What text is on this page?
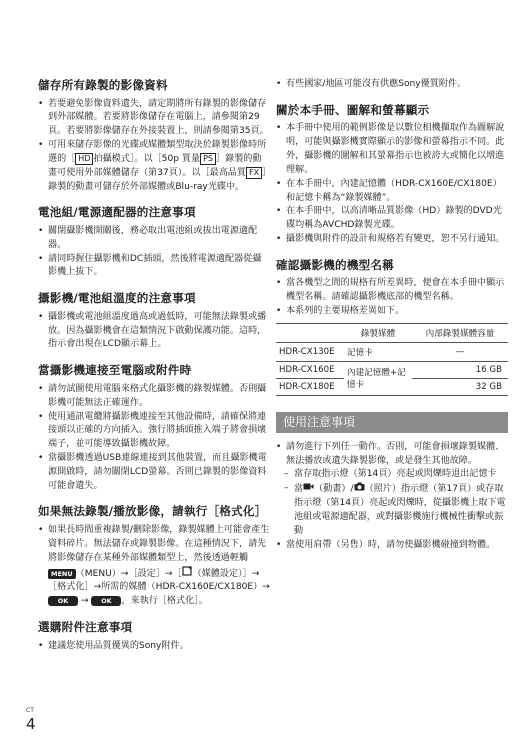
儲存所有錄製的影像資料
• 若要避免影像資料遺失，請定期將所有錄製的影像儲存到外部媒體。若要將影像儲存在電腦上，請參閱第29頁。若要將影像儲存在外接裝置上，則請參閱第35頁。
• 可用來儲存影像的光碟或媒體類型取決於錄製影像時所選的［ HD 拍攝模式］。以［50p 質量 PS ］錄製的動畫可使用外部媒體儲存（第37頁）。以［最高品質 FX ］錄製的動畫可儲存於外部媒體或Blu-ray光碟中。
電池組/電源適配器的注意事項
• 關閉攝影機開關後，務必取出電池組或拔出電源適配器。
• 請同時握住攝影機和DC插頭，然後將電源適配器從攝影機上拔下。
攝影機/電池組溫度的注意事項
• 攝影機或電池組溫度過高或過低時，可能無法錄製或播放。因為攝影機會在這類情況下啟動保護功能。這時，指示會出現在LCD顯示幕上。
當攝影機連接至電腦或附件時
• 請勿試圖使用電腦來格式化攝影機的錄製媒體。否則攝影機可能無法正確運作。
• 使用通訊電纜將攝影機連接至其他設備時，請確保將連接頭以正確的方向插入。強行將插頭推入端子將會損壞端子，並可能導致攝影機故障。
• 當攝影機透過USB連線連接到其他裝置，而且攝影機電源開啟時，請勿關閉LCD螢幕。否則已錄製的影像資料可能會遺失。
如果無法錄製/播放影像，請執行［格式化］
• 如果長時間重複錄製/刪除影像，錄製媒體上可能會產生資料碎片。無法儲存或錄製影像。在這種情況下，請先將影像儲存在某種外部媒體類型上，然後透過輕觸MENU （MENU）→［設定］→［ （媒體設定）］→［格式化］→所需的媒體（HDR-CX160E/CX180E）→ OK → OK ，來執行［格式化］。
選購附件注意事項
• 建議您使用品質優異的Sony附件。
• 有些國家/地區可能沒有供應Sony優質附件。
關於本手冊、圖解和螢幕顯示
• 本手冊中使用的範例影像是以數位相機擷取作為圖解說明，可能與攝影機實際顯示的影像和螢幕指示不同。此外，攝影機的圖解和其螢幕指示也被誇大或簡化以增進理解。
• 在本手冊中，內建記憶體（HDR-CX160E/CX180E）和記憶卡稱為“錄製媒體”。
• 在本手冊中，以高清晰品質影像（HD）錄製的DVD光碟均稱為AVCHD錄製光碟。
• 攝影機與附件的設計和規格若有變更，恕不另行通知。
確認攝影機的機型名稱
• 當各機型之間的規格有所差異時，便會在本手冊中顯示機型名稱。請確認攝影機底部的機型名稱。
• 本系列的主要規格差異如下。
	錄製媒體	內部錄製媒體容量
HDR-CX130E	記憶卡	—
HDR-CX160E	內建記憶體+記憶卡	16 GB
HDR-CX180E		32 GB
使用注意事項
• 請勿進行下列任一動作。否則，可能會損壞錄製媒體、無法播放或遺失錄製影像，或是發生其他故障。
– 當存取指示燈（第14頁）亮起或閃爍時退出記憶卡
– 當 （動畫）/ （照片）指示燈（第17頁）或存取指示燈（第14頁）亮起或閃爍時，從攝影機上取下電池組或電源適配器，或對攝影機施行機械性衝擊或振動
• 當使用肩帶（另售）時，請勿使攝影機碰撞到物體。
CT
4
